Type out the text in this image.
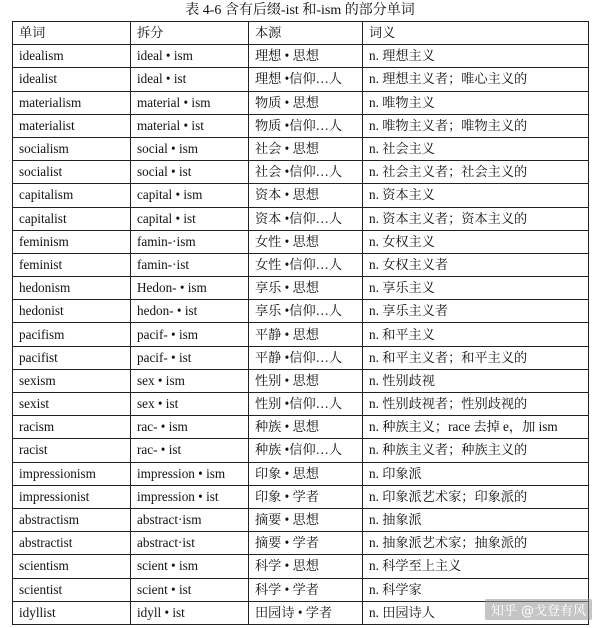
表 4-6 含有后缀-ist 和-ism 的部分单词
单词	拆分	本源	词义
idealism	ideal • ism	理想 • 思想	n. 理想主义
idealist	ideal • ist	理想 •信仰…人	n. 理想主义者；唯心主义的
materialism	material • ism	物质 • 思想	n. 唯物主义
materialist	material • ist	物质 •信仰…人	n. 唯物主义者；唯物主义的
socialism	social • ism	社会 • 思想	n. 社会主义
socialist	social • ist	社会 •信仰…人	n. 社会主义者；社会主义的
capitalism	capital • ism	资本 • 思想	n. 资本主义
capitalist	capital • ist	资本 •信仰…人	n. 资本主义者；资本主义的
feminism	famin-·ism	女性 • 思想	n. 女权主义
feminist	famin-·ist	女性 •信仰…人	n. 女权主义者
hedonism	Hedon- • ism	享乐 • 思想	n. 享乐主义
hedonist	hedon- • ist	享乐 •信仰…人	n. 享乐主义者
pacifism	pacif- • ism	平静 • 思想	n. 和平主义
pacifist	pacif- • ist	平静 •信仰…人	n. 和平主义者；和平主义的
sexism	sex • ism	性别 • 思想	n. 性别歧视
sexist	sex • ist	性别 •信仰…人	n. 性别歧视者；性别歧视的
racism	rac- • ism	种族 • 思想	n. 种族主义；race 去掉 e，加 ism
racist	rac- • ist	种族 •信仰…人	n. 种族主义者；种族主义的
impressionism	impression • ism	印象 • 思想	n. 印象派
impressionist	impression • ist	印象 • 学者	n. 印象派艺术家；印象派的
abstractism	abstract·ism	摘要 • 思想	n. 抽象派
abstractist	abstract·ist	摘要 • 学者	n. 抽象派艺术家；抽象派的
scientism	scient • ism	科学 • 思想	n. 科学至上主义
scientist	scient • ist	科学 • 学者	n. 科学家
idyllist	idyll • ist	田园诗 • 学者	n. 田园诗人	知乎 @戈登有风
